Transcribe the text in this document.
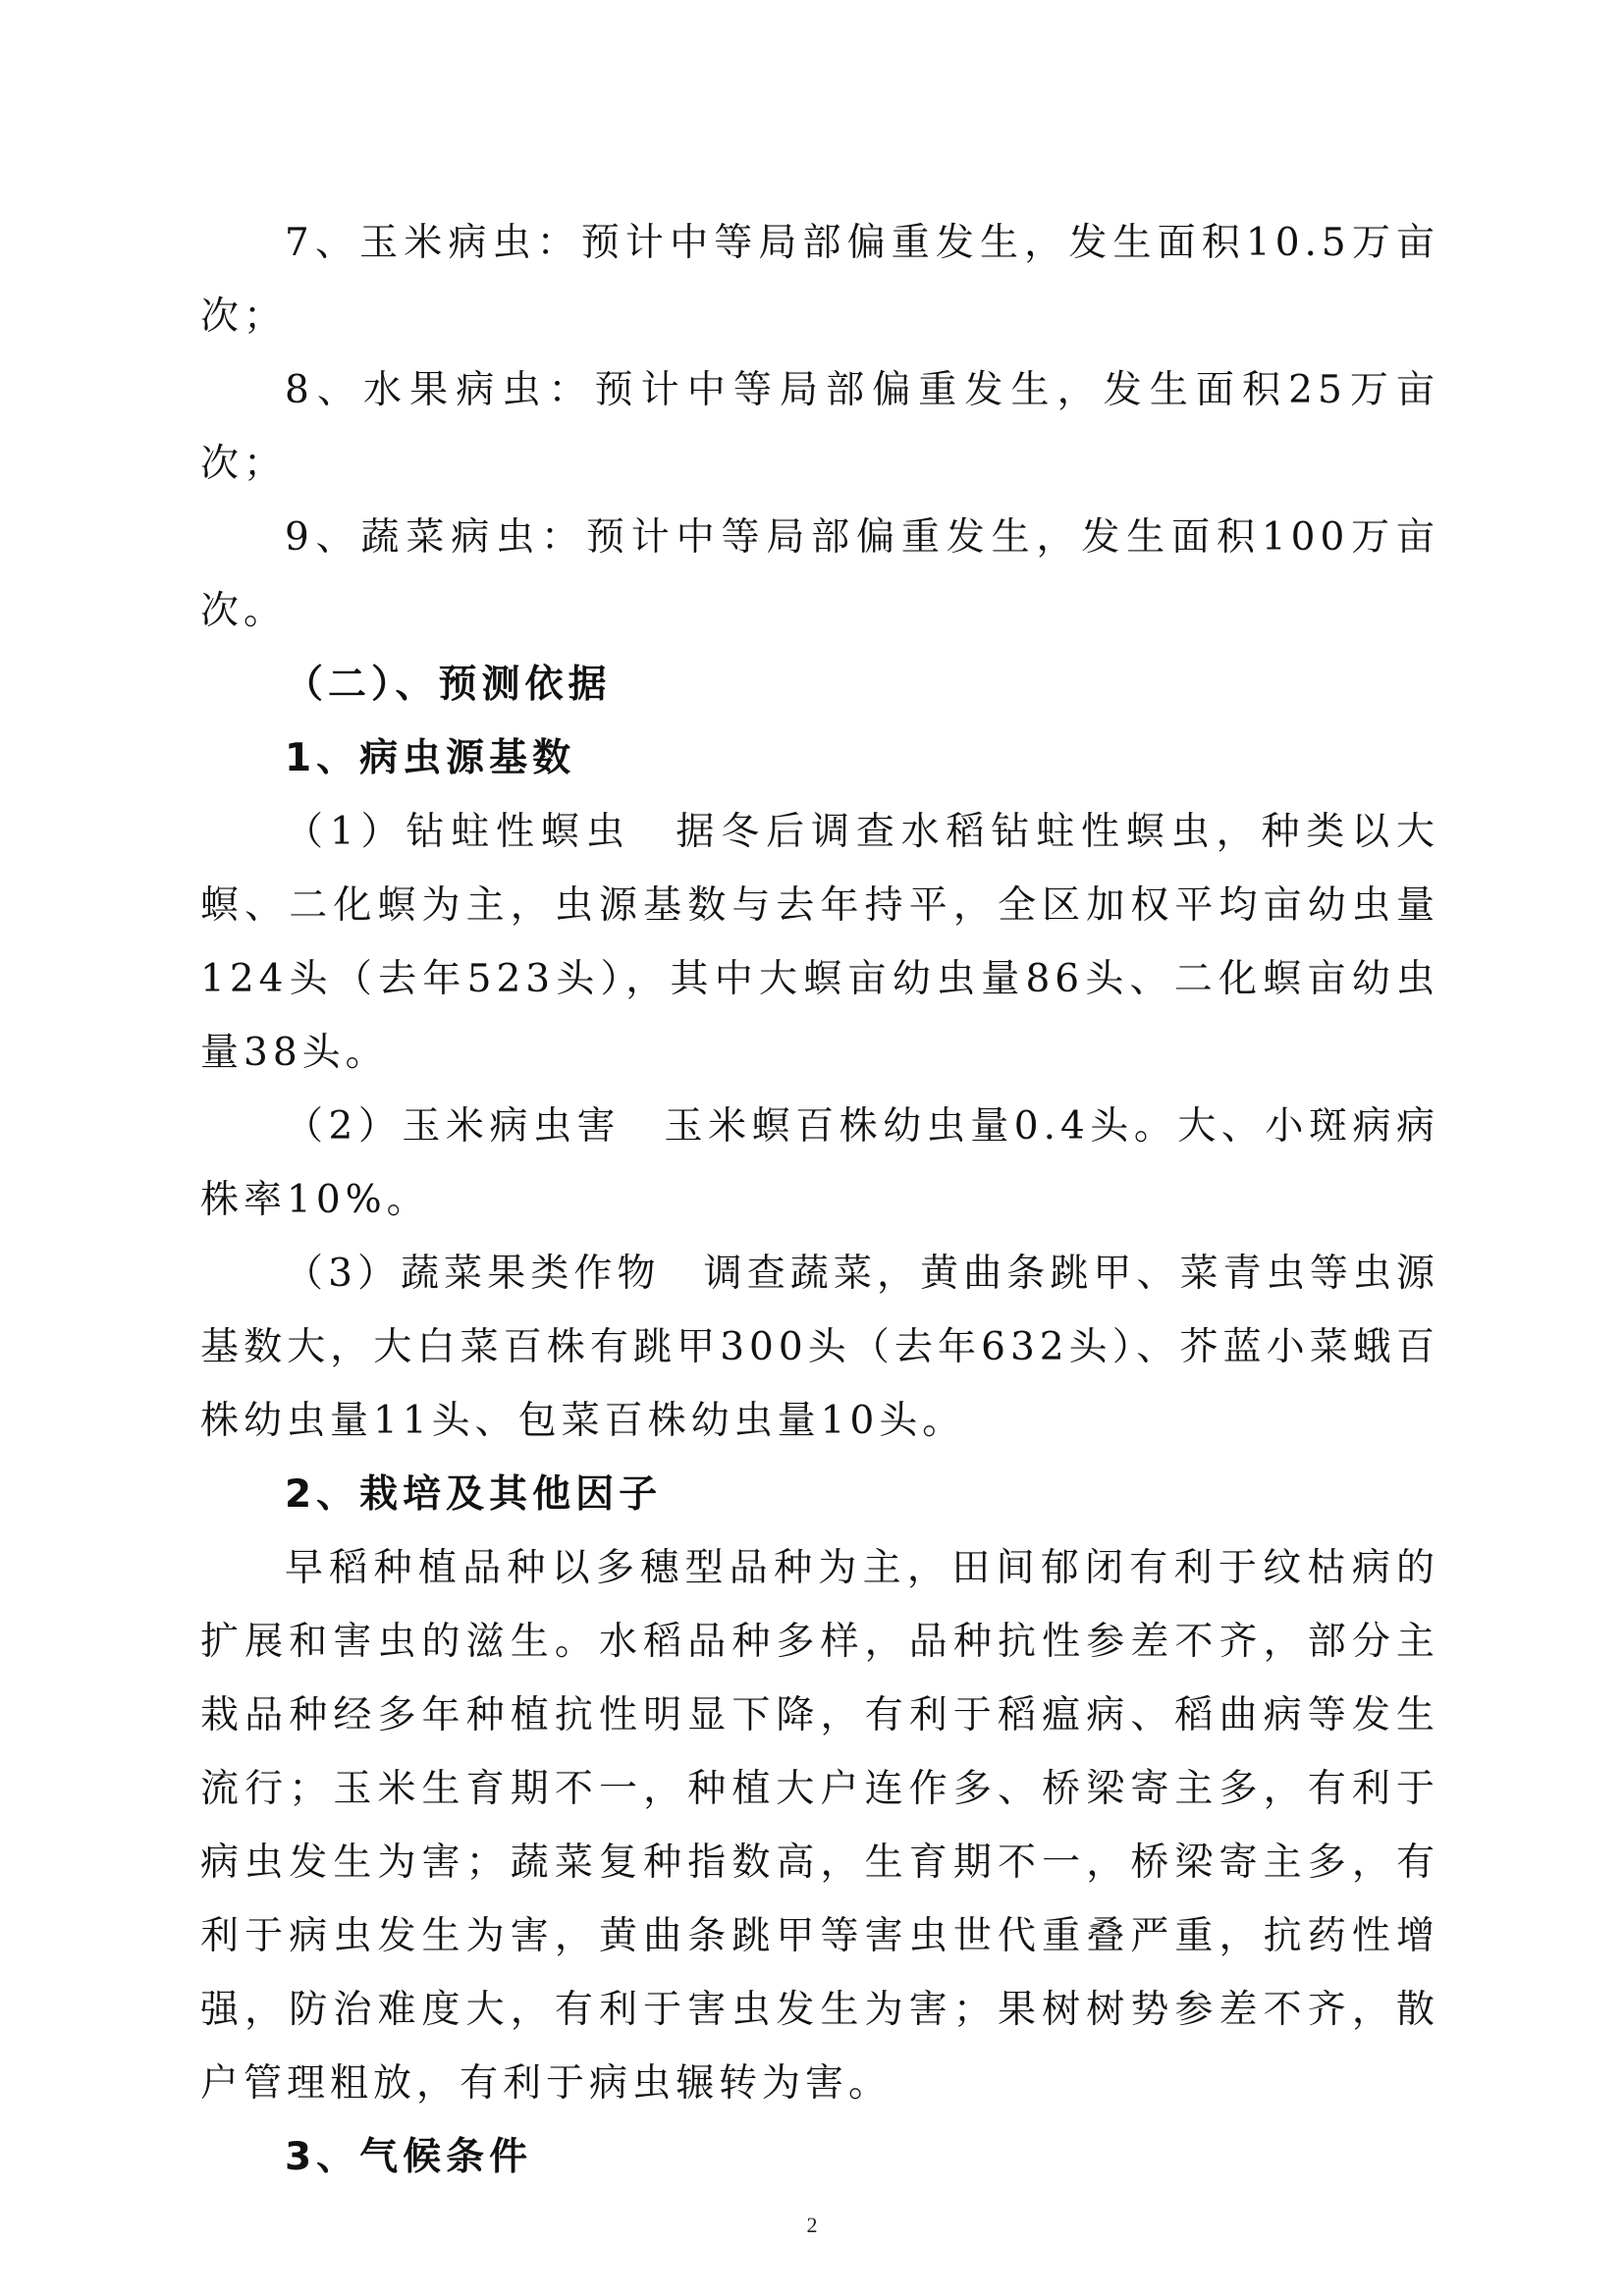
7、玉米病虫：预计中等局部偏重发生，发生面积10.5万亩次；

8、水果病虫：预计中等局部偏重发生，发生面积25万亩次；

9、蔬菜病虫：预计中等局部偏重发生，发生面积100万亩次。

（二）、预测依据

1、病虫源基数

（1）钻蛀性螟虫　据冬后调查水稻钻蛀性螟虫，种类以大螟、二化螟为主，虫源基数与去年持平，全区加权平均亩幼虫量124头（去年523头），其中大螟亩幼虫量86头、二化螟亩幼虫量38头。

（2）玉米病虫害　玉米螟百株幼虫量0.4头。大、小斑病病株率10%。

（3）蔬菜果类作物　调查蔬菜，黄曲条跳甲、菜青虫等虫源基数大，大白菜百株有跳甲300头（去年632头）、芥蓝小菜蛾百株幼虫量11头、包菜百株幼虫量10头。

2、栽培及其他因子

早稻种植品种以多穗型品种为主，田间郁闭有利于纹枯病的扩展和害虫的滋生。水稻品种多样，品种抗性参差不齐，部分主栽品种经多年种植抗性明显下降，有利于稻瘟病、稻曲病等发生流行；玉米生育期不一，种植大户连作多、桥梁寄主多，有利于病虫发生为害；蔬菜复种指数高，生育期不一，桥梁寄主多，有利于病虫发生为害，黄曲条跳甲等害虫世代重叠严重，抗药性增强，防治难度大，有利于害虫发生为害；果树树势参差不齐，散户管理粗放，有利于病虫辗转为害。

3、气候条件

2
